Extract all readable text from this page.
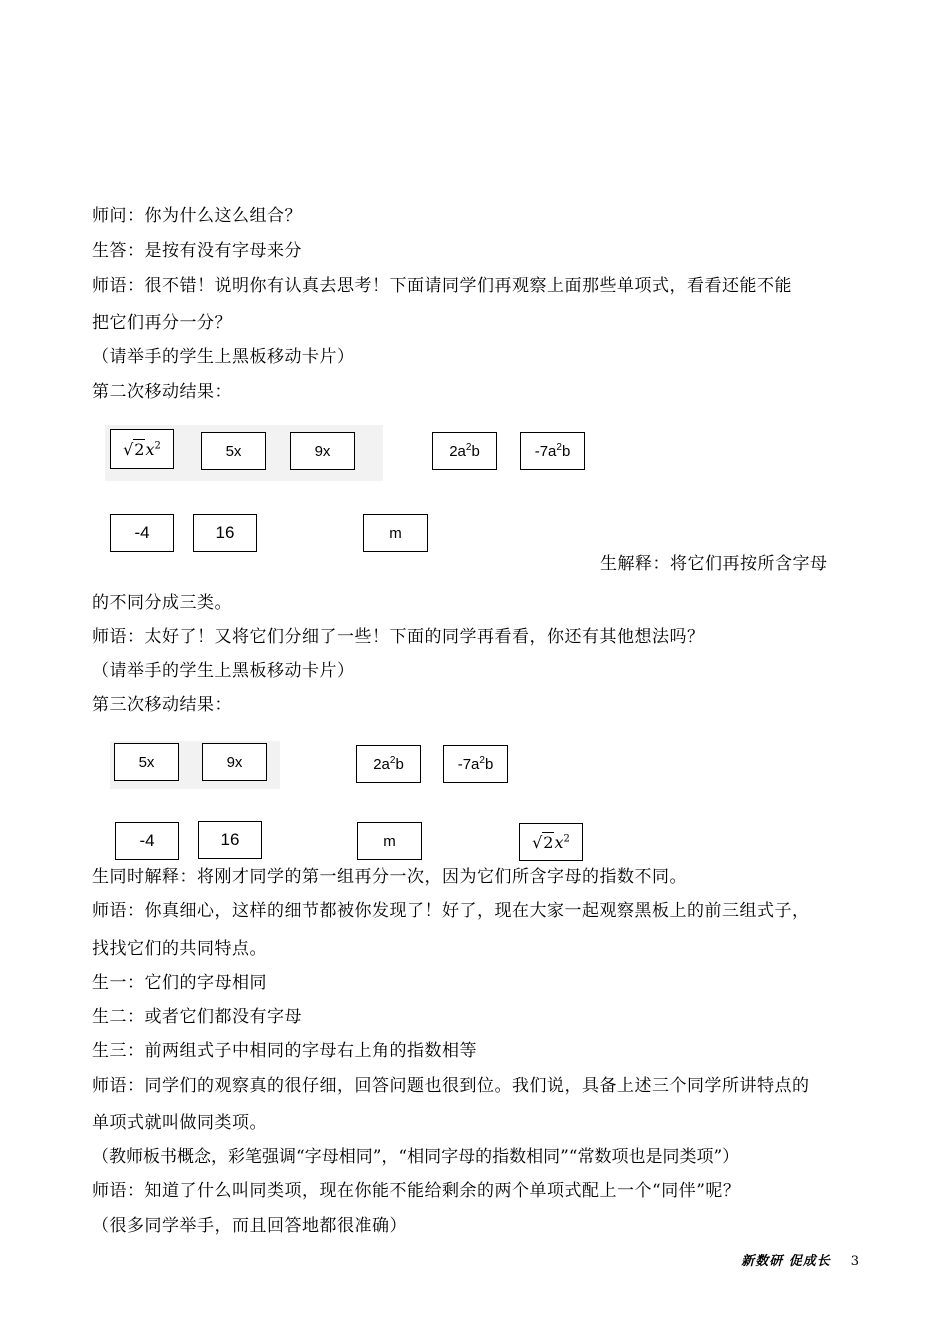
师问：你为什么这么组合？
生答：是按有没有字母来分
师语：很不错！说明你有认真去思考！下面请同学们再观察上面那些单项式，看看还能不能
把它们再分一分？
（请举手的学生上黑板移动卡片）
第二次移动结果：
$√2x^2$	5x	9x	$2a^2b$	$-7a^2b$
-4	16	m
生解释：将它们再按所含字母
的不同分成三类。
师语：太好了！又将它们分细了一些！下面的同学再看看，你还有其他想法吗？
（请举手的学生上黑板移动卡片）
第三次移动结果：
5x	9x	$2a^2b$	$-7a^2b$
-4	16	m	$√2x^2$
生同时解释：将刚才同学的第一组再分一次，因为它们所含字母的指数不同。
师语：你真细心，这样的细节都被你发现了！好了，现在大家一起观察黑板上的前三组式子，
找找它们的共同特点。
生一：它们的字母相同
生二：或者它们都没有字母
生三：前两组式子中相同的字母右上角的指数相等
师语：同学们的观察真的很仔细，回答问题也很到位。我们说，具备上述三个同学所讲特点的
单项式就叫做同类项。
（教师板书概念，彩笔强调“字母相同”，“相同字母的指数相同”“常数项也是同类项”）
师语：知道了什么叫同类项，现在你能不能给剩余的两个单项式配上一个“同伴”呢？
（很多同学举手，而且回答地都很准确）
新数研 促成长 3
